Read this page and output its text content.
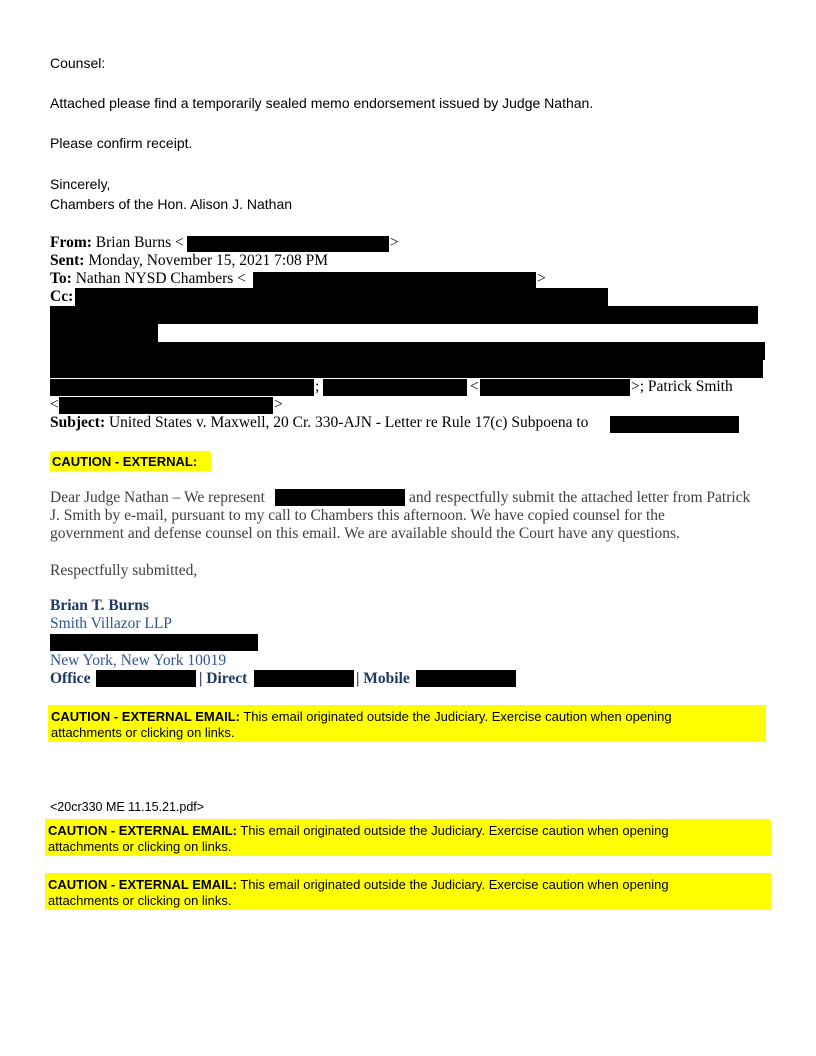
Counsel:
Attached please find a temporarily sealed memo endorsement issued by Judge Nathan.
Please confirm receipt.
Sincerely,
Chambers of the Hon. Alison J. Nathan
From: Brian Burns <	>
Sent: Monday, November 15, 2021 7:08 PM
To: Nathan NYSD Chambers <	>
Cc:
;	<	>; Patrick Smith
<	>
Subject: United States v. Maxwell, 20 Cr. 330-AJN - Letter re Rule 17(c) Subpoena to
CAUTION - EXTERNAL:
Dear Judge Nathan – We represent	and respectfully submit the attached letter from Patrick
J. Smith by e-mail, pursuant to my call to Chambers this afternoon. We have copied counsel for the
government and defense counsel on this email. We are available should the Court have any questions.
Respectfully submitted,
Brian T. Burns
Smith Villazor LLP
New York, New York 10019
Office	| Direct	| Mobile
CAUTION - EXTERNAL EMAIL: This email originated outside the Judiciary. Exercise caution when opening
attachments or clicking on links.
<20cr330 ME 11.15.21.pdf>
CAUTION - EXTERNAL EMAIL: This email originated outside the Judiciary. Exercise caution when opening
attachments or clicking on links.
CAUTION - EXTERNAL EMAIL: This email originated outside the Judiciary. Exercise caution when opening
attachments or clicking on links.
